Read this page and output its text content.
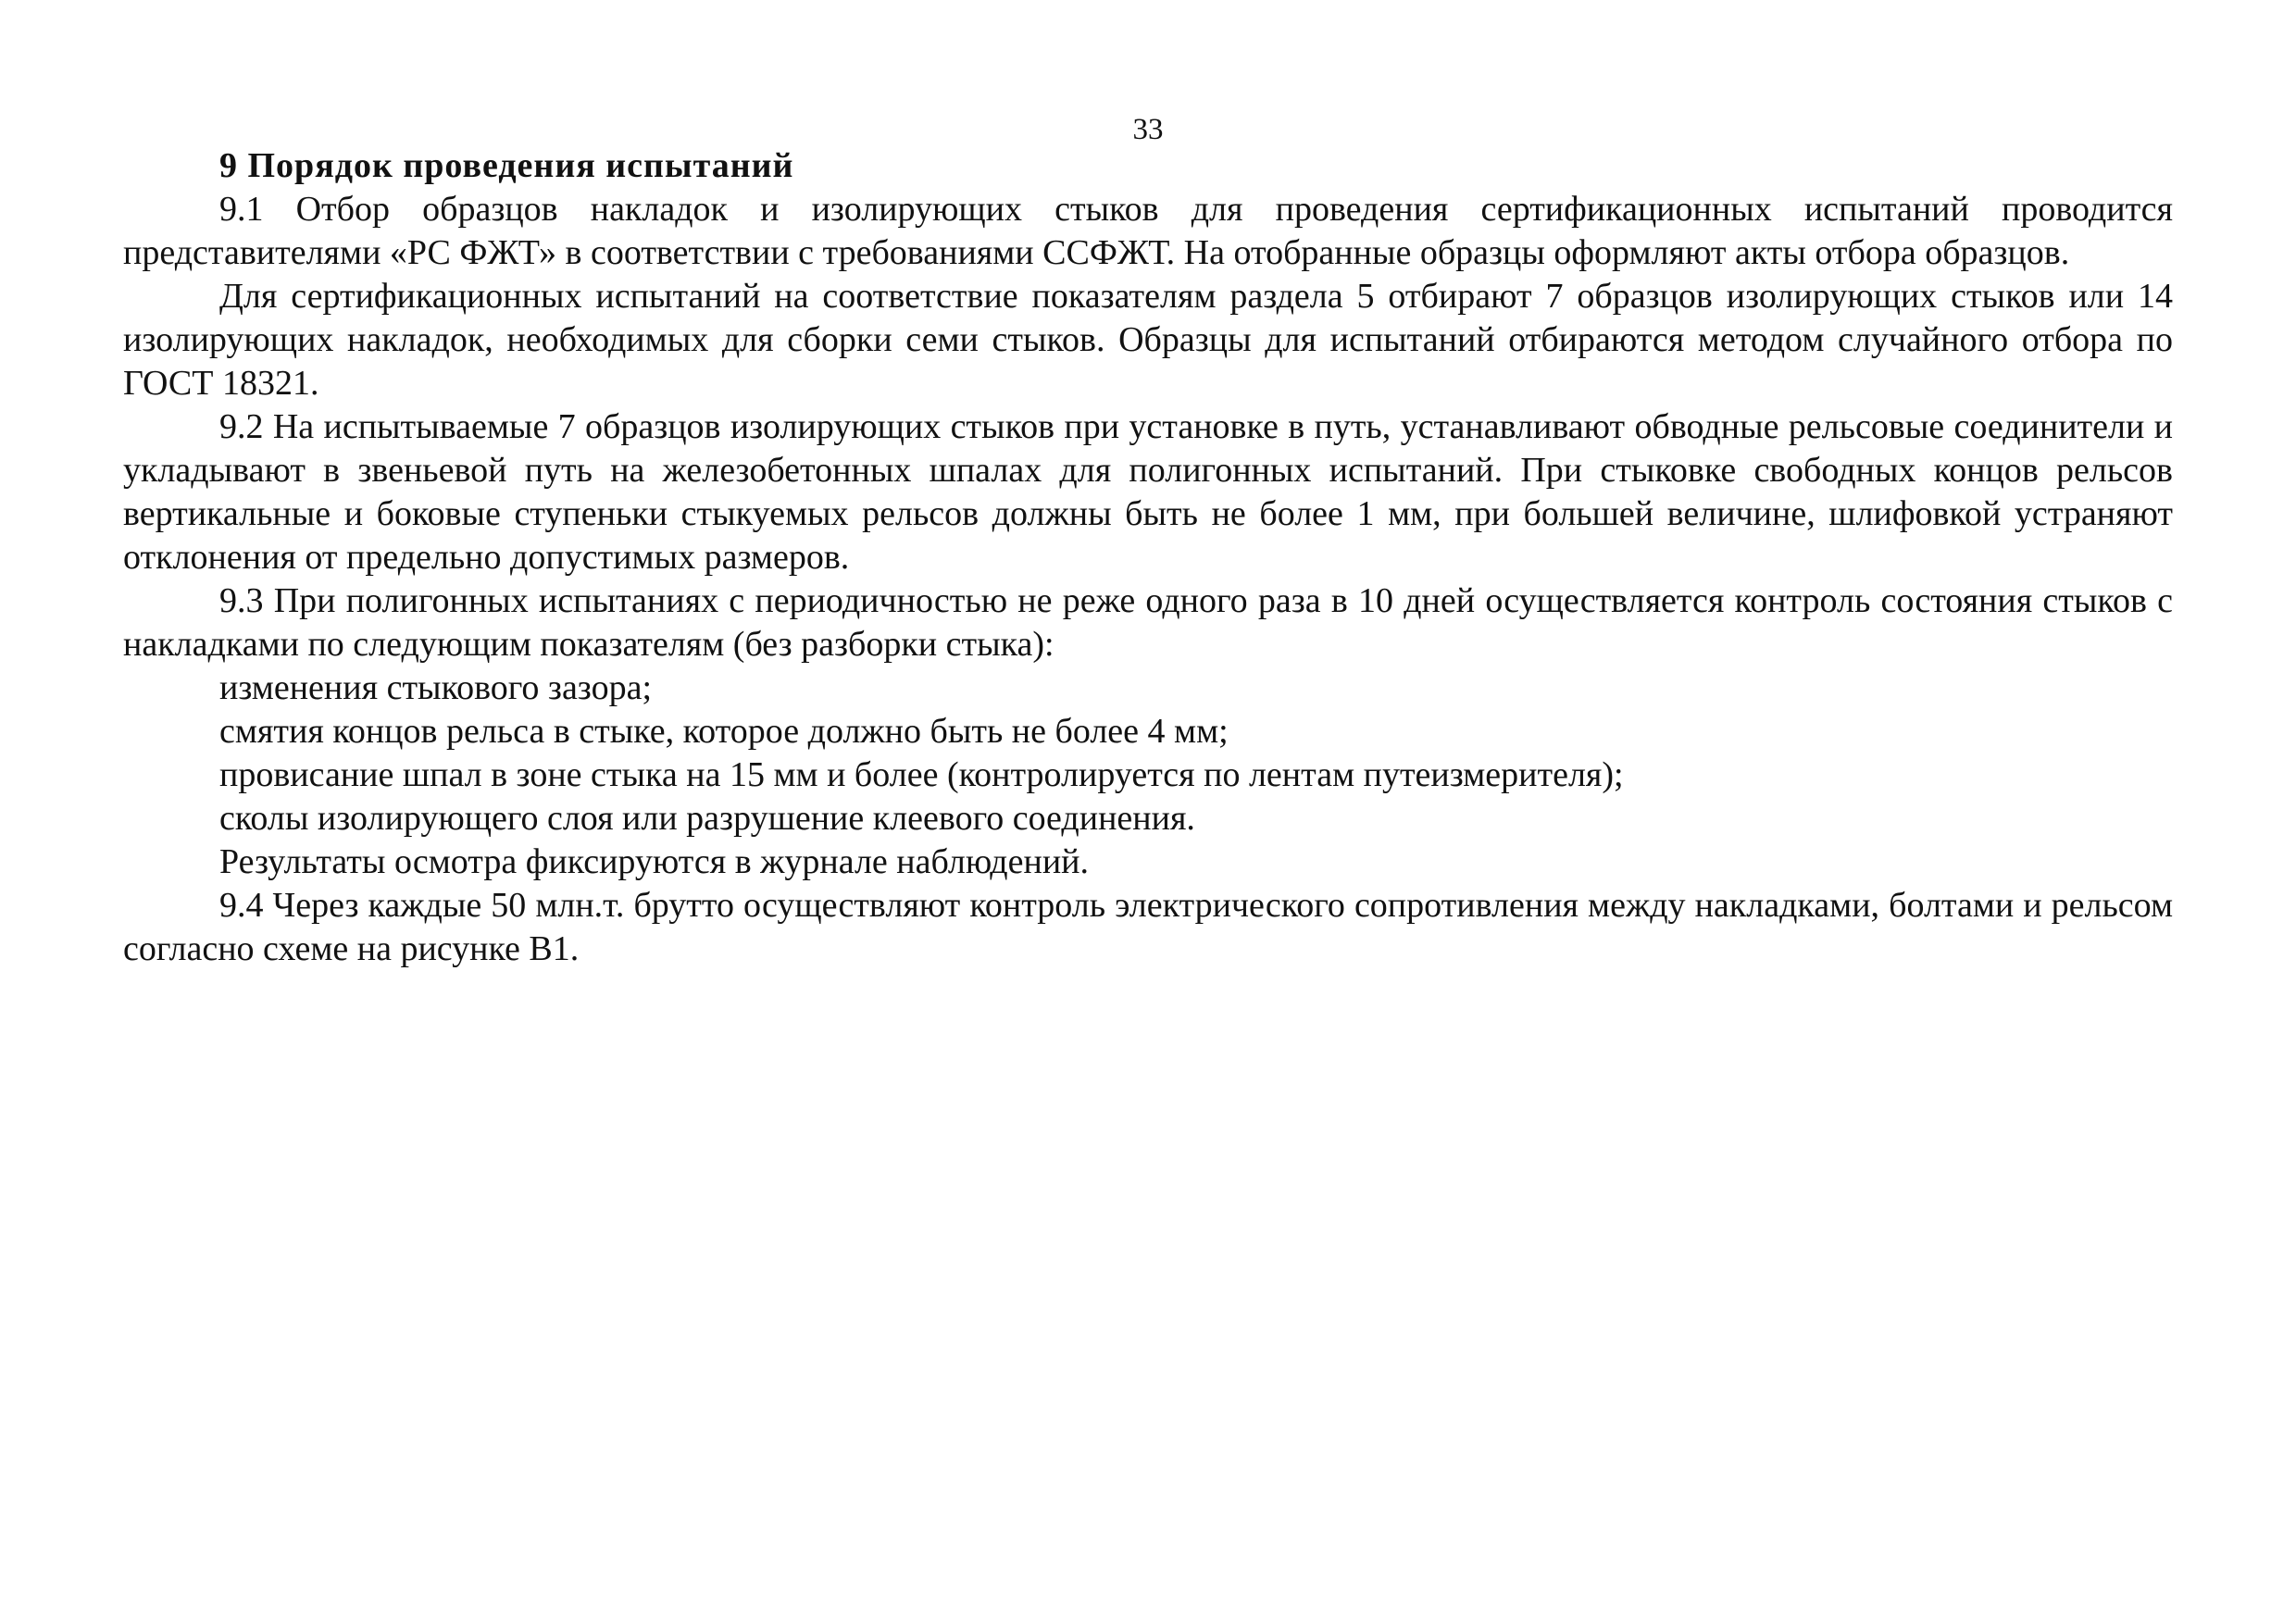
33

9 Порядок проведения испытаний

9.1 Отбор образцов накладок и изолирующих стыков для проведения сертификационных испытаний проводится представителями «РС ФЖТ» в соответствии с требованиями ССФЖТ. На отобранные образцы оформляют акты отбора образцов.

Для сертификационных испытаний на соответствие показателям раздела 5 отбирают 7 образцов изолирующих стыков или 14 изолирующих накладок, необходимых для сборки семи стыков. Образцы для испытаний отбираются методом случайного отбора по ГОСТ 18321.

9.2 На испытываемые 7 образцов изолирующих стыков при установке в путь, устанавливают обводные рельсовые соединители и укладывают в звеньевой путь на железобетонных шпалах для полигонных испытаний. При стыковке свободных концов рельсов вертикальные и боковые ступеньки стыкуемых рельсов должны быть не более 1 мм, при большей величине, шлифовкой устраняют отклонения от предельно допустимых размеров.

9.3 При полигонных испытаниях с периодичностью не реже одного раза в 10 дней осуществляется контроль состояния стыков с накладками по следующим показателям (без разборки стыка):

изменения стыкового зазора;

смятия концов рельса в стыке, которое должно быть не более 4 мм;

провисание шпал в зоне стыка на 15 мм и более (контролируется по лентам путеизмерителя);

сколы изолирующего слоя или разрушение клеевого соединения.

Результаты осмотра фиксируются в журнале наблюдений.

9.4 Через каждые 50 млн.т. брутто осуществляют контроль электрического сопротивления между накладками, болтами и рельсом согласно схеме на рисунке В1.
